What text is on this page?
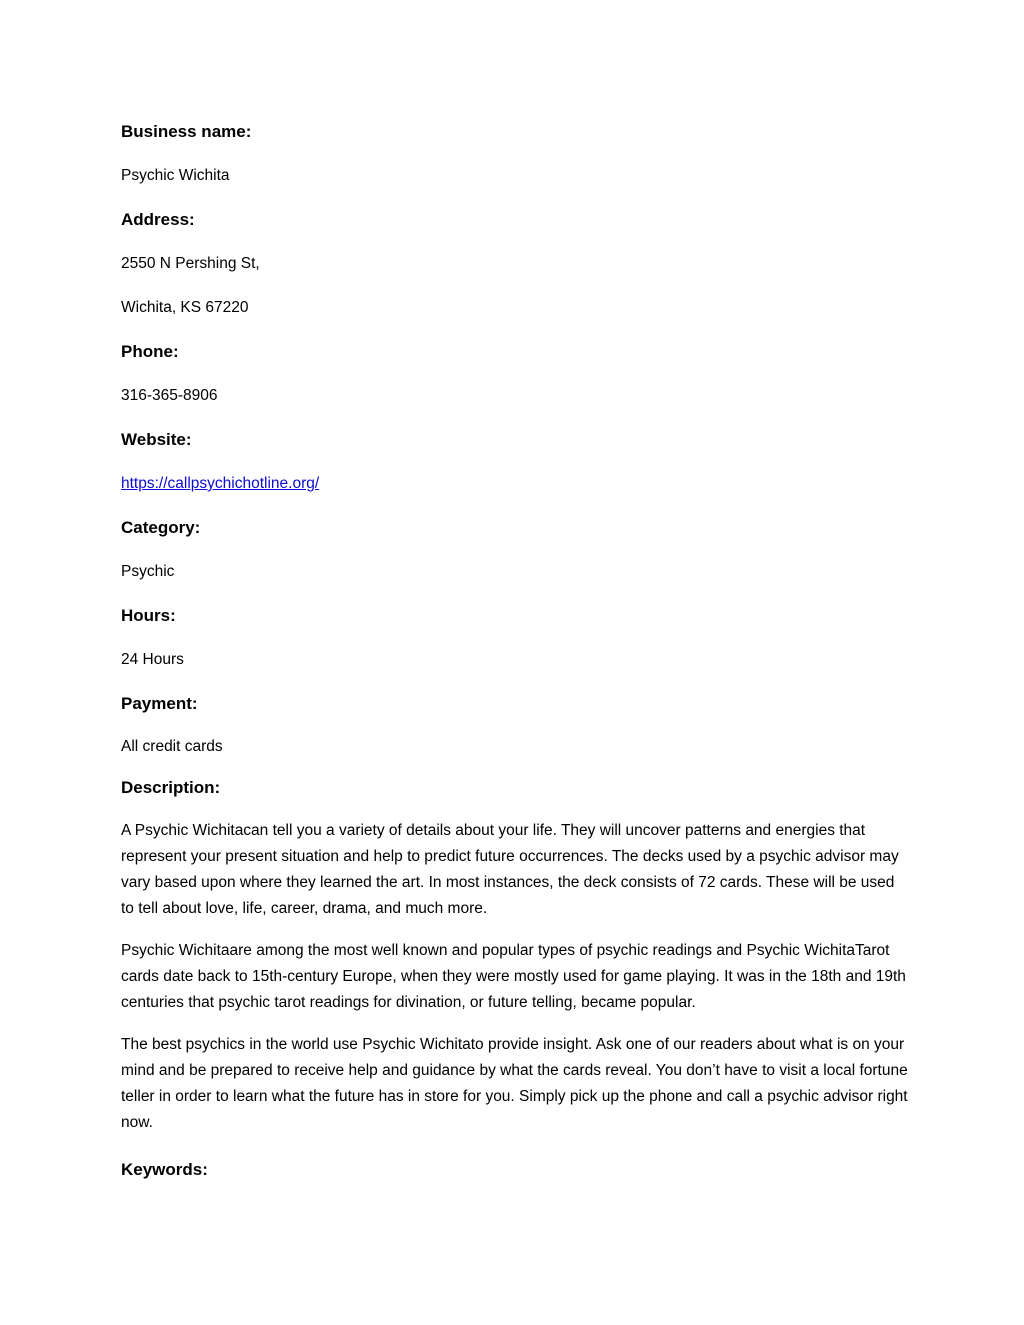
Business name:
Psychic Wichita
Address:
2550 N Pershing St,
Wichita, KS 67220
Phone:
316-365-8906
Website:
https://callpsychichotline.org/
Category:
Psychic
Hours:
24 Hours
Payment:
All credit cards
Description:

A Psychic Wichitacan tell you a variety of details about your life. They will uncover patterns and energies that represent your present situation and help to predict future occurrences. The decks used by a psychic advisor may vary based upon where they learned the art. In most instances, the deck consists of 72 cards. These will be used to tell about love, life, career, drama, and much more.

Psychic Wichitaare among the most well known and popular types of psychic readings and Psychic WichitaTarot cards date back to 15th-century Europe, when they were mostly used for game playing. It was in the 18th and 19th centuries that psychic tarot readings for divination, or future telling, became popular.

The best psychics in the world use Psychic Wichitato provide insight. Ask one of our readers about what is on your mind and be prepared to receive help and guidance by what the cards reveal. You don’t have to visit a local fortune teller in order to learn what the future has in store for you. Simply pick up the phone and call a psychic advisor right now.

Keywords:
